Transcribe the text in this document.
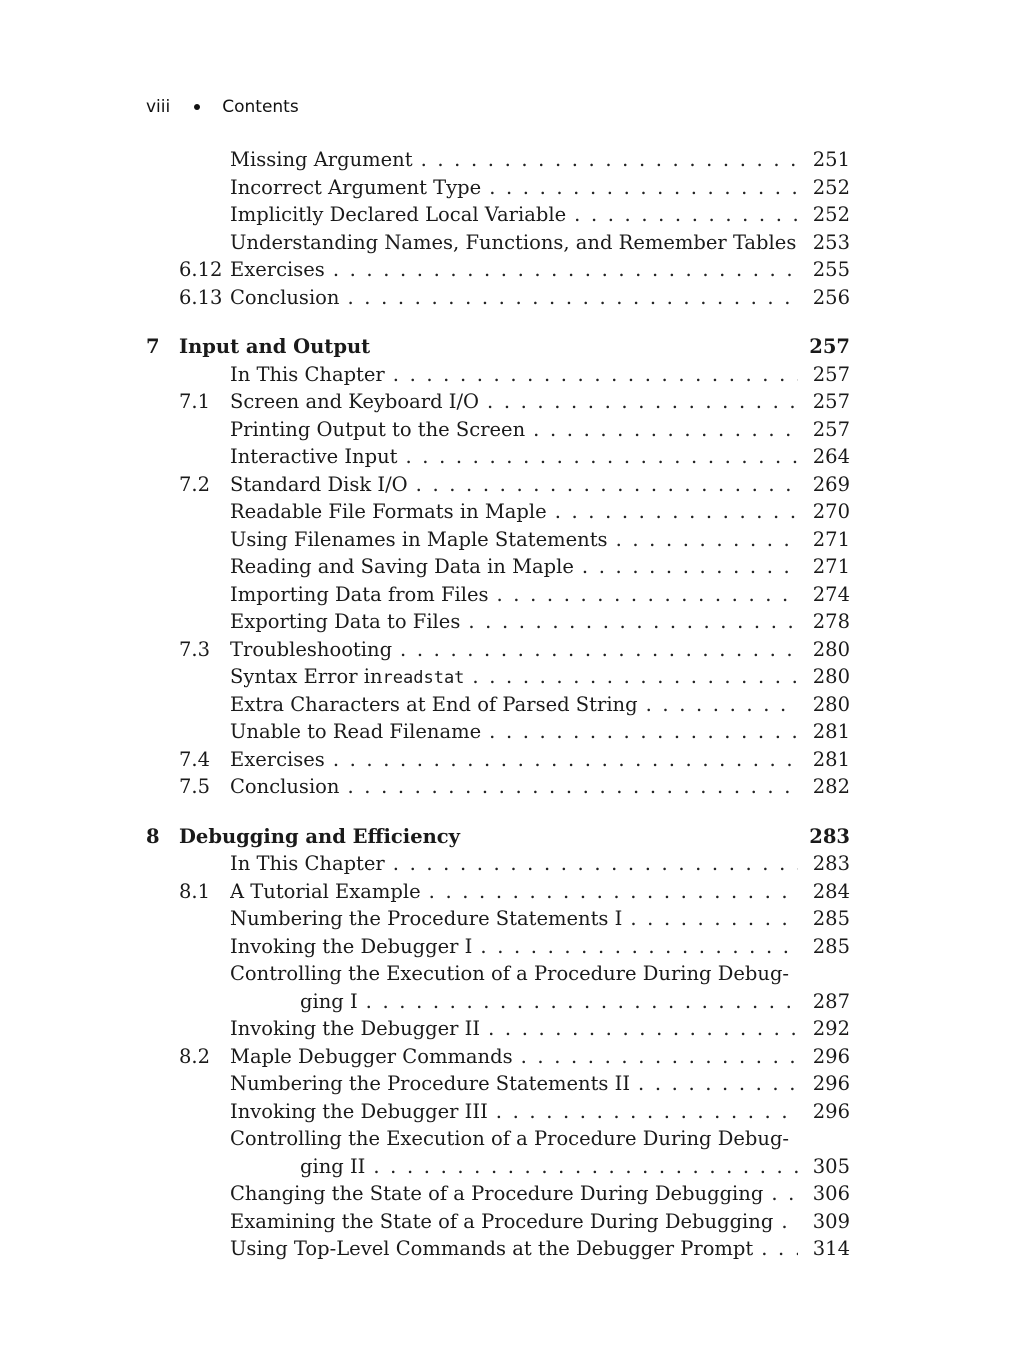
viii	Contents
Missing Argument . . .	251
Incorrect Argument Type . . .	252
Implicitly Declared Local Variable . . .	252
Understanding Names, Functions, and Remember Tables 253
6.12 Exercises . . .	255
6.13 Conclusion . . .	256
7 Input and Output	257
In This Chapter . . .	257
7.1 Screen and Keyboard I/O . . .	257
Printing Output to the Screen . . .	257
Interactive Input . . .	264
7.2 Standard Disk I/O . . .	269
Readable File Formats in Maple . . .	270
Using Filenames in Maple Statements . . .	271
Reading and Saving Data in Maple . . .	271
Importing Data from Files . . .	274
Exporting Data to Files . . .	278
7.3 Troubleshooting . . .	280
Syntax Error in readstat . . .	280
Extra Characters at End of Parsed String . . .	280
Unable to Read Filename . . .	281
7.4 Exercises . . .	281
7.5 Conclusion . . .	282
8 Debugging and Efficiency	283
In This Chapter . . .	283
8.1 A Tutorial Example . . .	284
Numbering the Procedure Statements I . . .	285
Invoking the Debugger I . . .	285
Controlling the Execution of a Procedure During Debug-
ging I . . .	287
Invoking the Debugger II . . .	292
8.2 Maple Debugger Commands . . .	296
Numbering the Procedure Statements II . . .	296
Invoking the Debugger III . . .	296
Controlling the Execution of a Procedure During Debug-
ging II . . .	305
Changing the State of a Procedure During Debugging . . .	306
Examining the State of a Procedure During Debugging . . . 309
Using Top-Level Commands at the Debugger Prompt . . .	314
